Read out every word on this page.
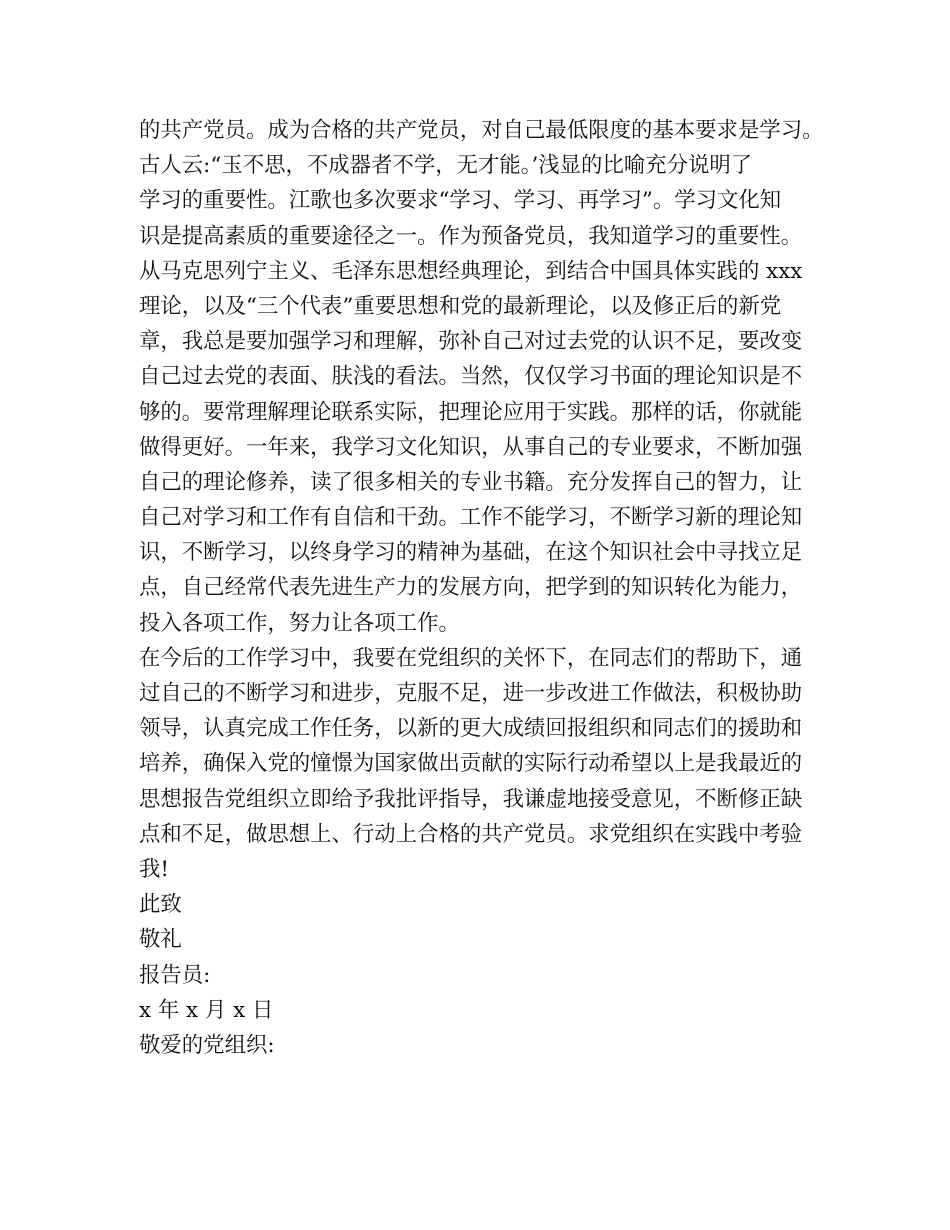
的共产党员。成为合格的共产党员，对自己最低限度的基本要求是学习。
古人云:“玉不思，不成器者不学，无才能。’浅显的比喻充分说明了
学习的重要性。江歌也多次要求“学习、学习、再学习”。学习文化知
识是提高素质的重要途径之一。作为预备党员，我知道学习的重要性。
从马克思列宁主义、毛泽东思想经典理论，到结合中国具体实践的 xxx
理论，以及“三个代表”重要思想和党的最新理论，以及修正后的新党
章，我总是要加强学习和理解，弥补自己对过去党的认识不足，要改变
自己过去党的表面、肤浅的看法。当然，仅仅学习书面的理论知识是不
够的。要常理解理论联系实际，把理论应用于实践。那样的话，你就能
做得更好。一年来，我学习文化知识，从事自己的专业要求，不断加强
自己的理论修养，读了很多相关的专业书籍。充分发挥自己的智力，让
自己对学习和工作有自信和干劲。工作不能学习，不断学习新的理论知
识，不断学习，以终身学习的精神为基础，在这个知识社会中寻找立足
点，自己经常代表先进生产力的发展方向，把学到的知识转化为能力，
投入各项工作，努力让各项工作。
在今后的工作学习中，我要在党组织的关怀下，在同志们的帮助下，通
过自己的不断学习和进步，克服不足，进一步改进工作做法，积极协助
领导，认真完成工作任务，以新的更大成绩回报组织和同志们的援助和
培养，确保入党的憧憬为国家做出贡献的实际行动希望以上是我最近的
思想报告党组织立即给予我批评指导，我谦虚地接受意见，不断修正缺
点和不足，做思想上、行动上合格的共产党员。求党组织在实践中考验
我!
此致
敬礼
报告员:
x 年 x 月 x 日
敬爱的党组织:
